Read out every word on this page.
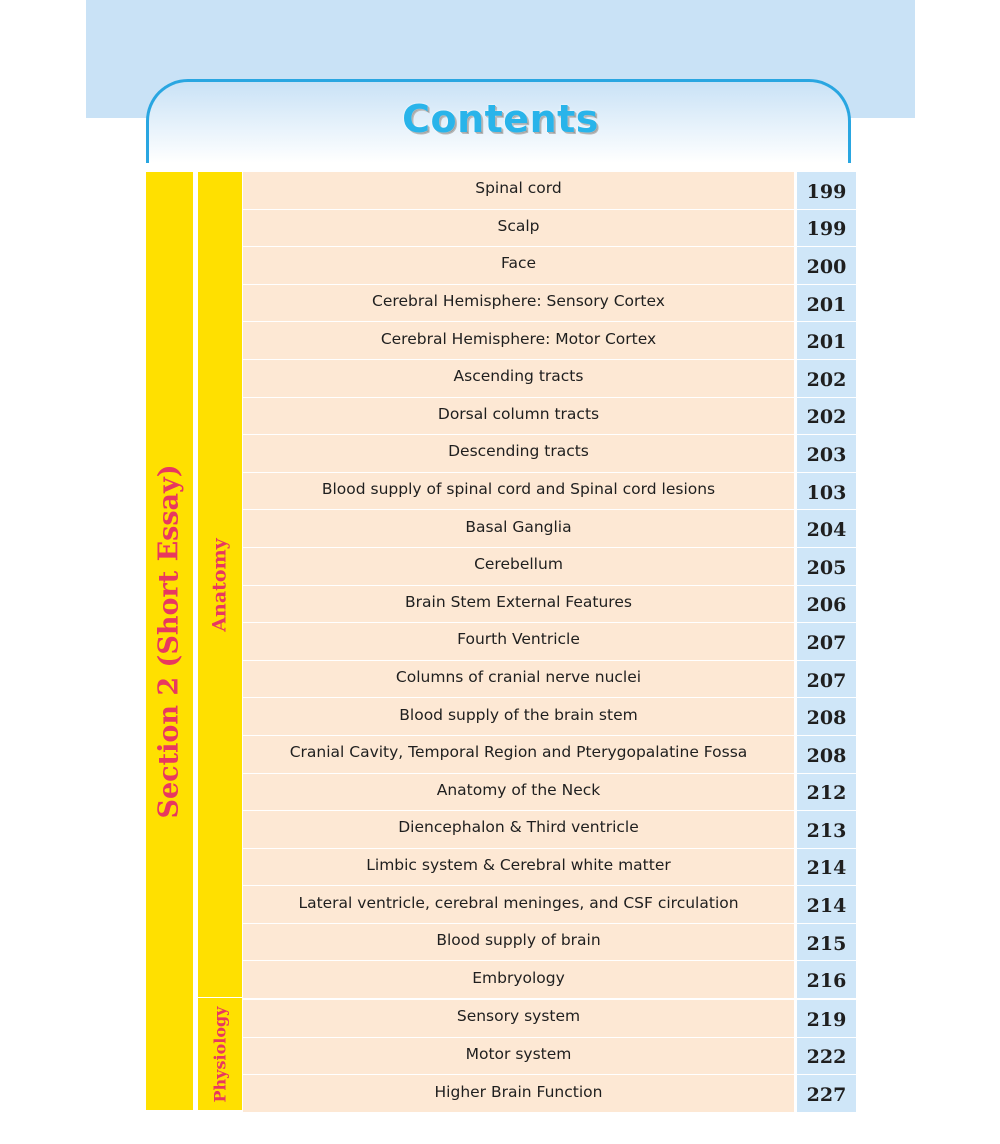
Contents
Section 2 (Short Essay) Anatomy
Physiology
Spinal cord	199
Scalp	199
Face	200
Cerebral Hemisphere: Sensory Cortex	201
Cerebral Hemisphere: Motor Cortex	201
Ascending tracts	202
Dorsal column tracts	202
Descending tracts	203
Blood supply of spinal cord and Spinal cord lesions	103
Basal Ganglia	204
Cerebellum	205
Brain Stem External Features	206
Fourth Ventricle	207
Columns of cranial nerve nuclei	207
Blood supply of the brain stem	208
Cranial Cavity, Temporal Region and Pterygopalatine Fossa	208
Anatomy of the Neck	212
Diencephalon & Third ventricle	213
Limbic system & Cerebral white matter	214
Lateral ventricle, cerebral meninges, and CSF circulation	214
Blood supply of brain	215
Embryology	216
Sensory system	219
Motor system	222
Higher Brain Function	227
